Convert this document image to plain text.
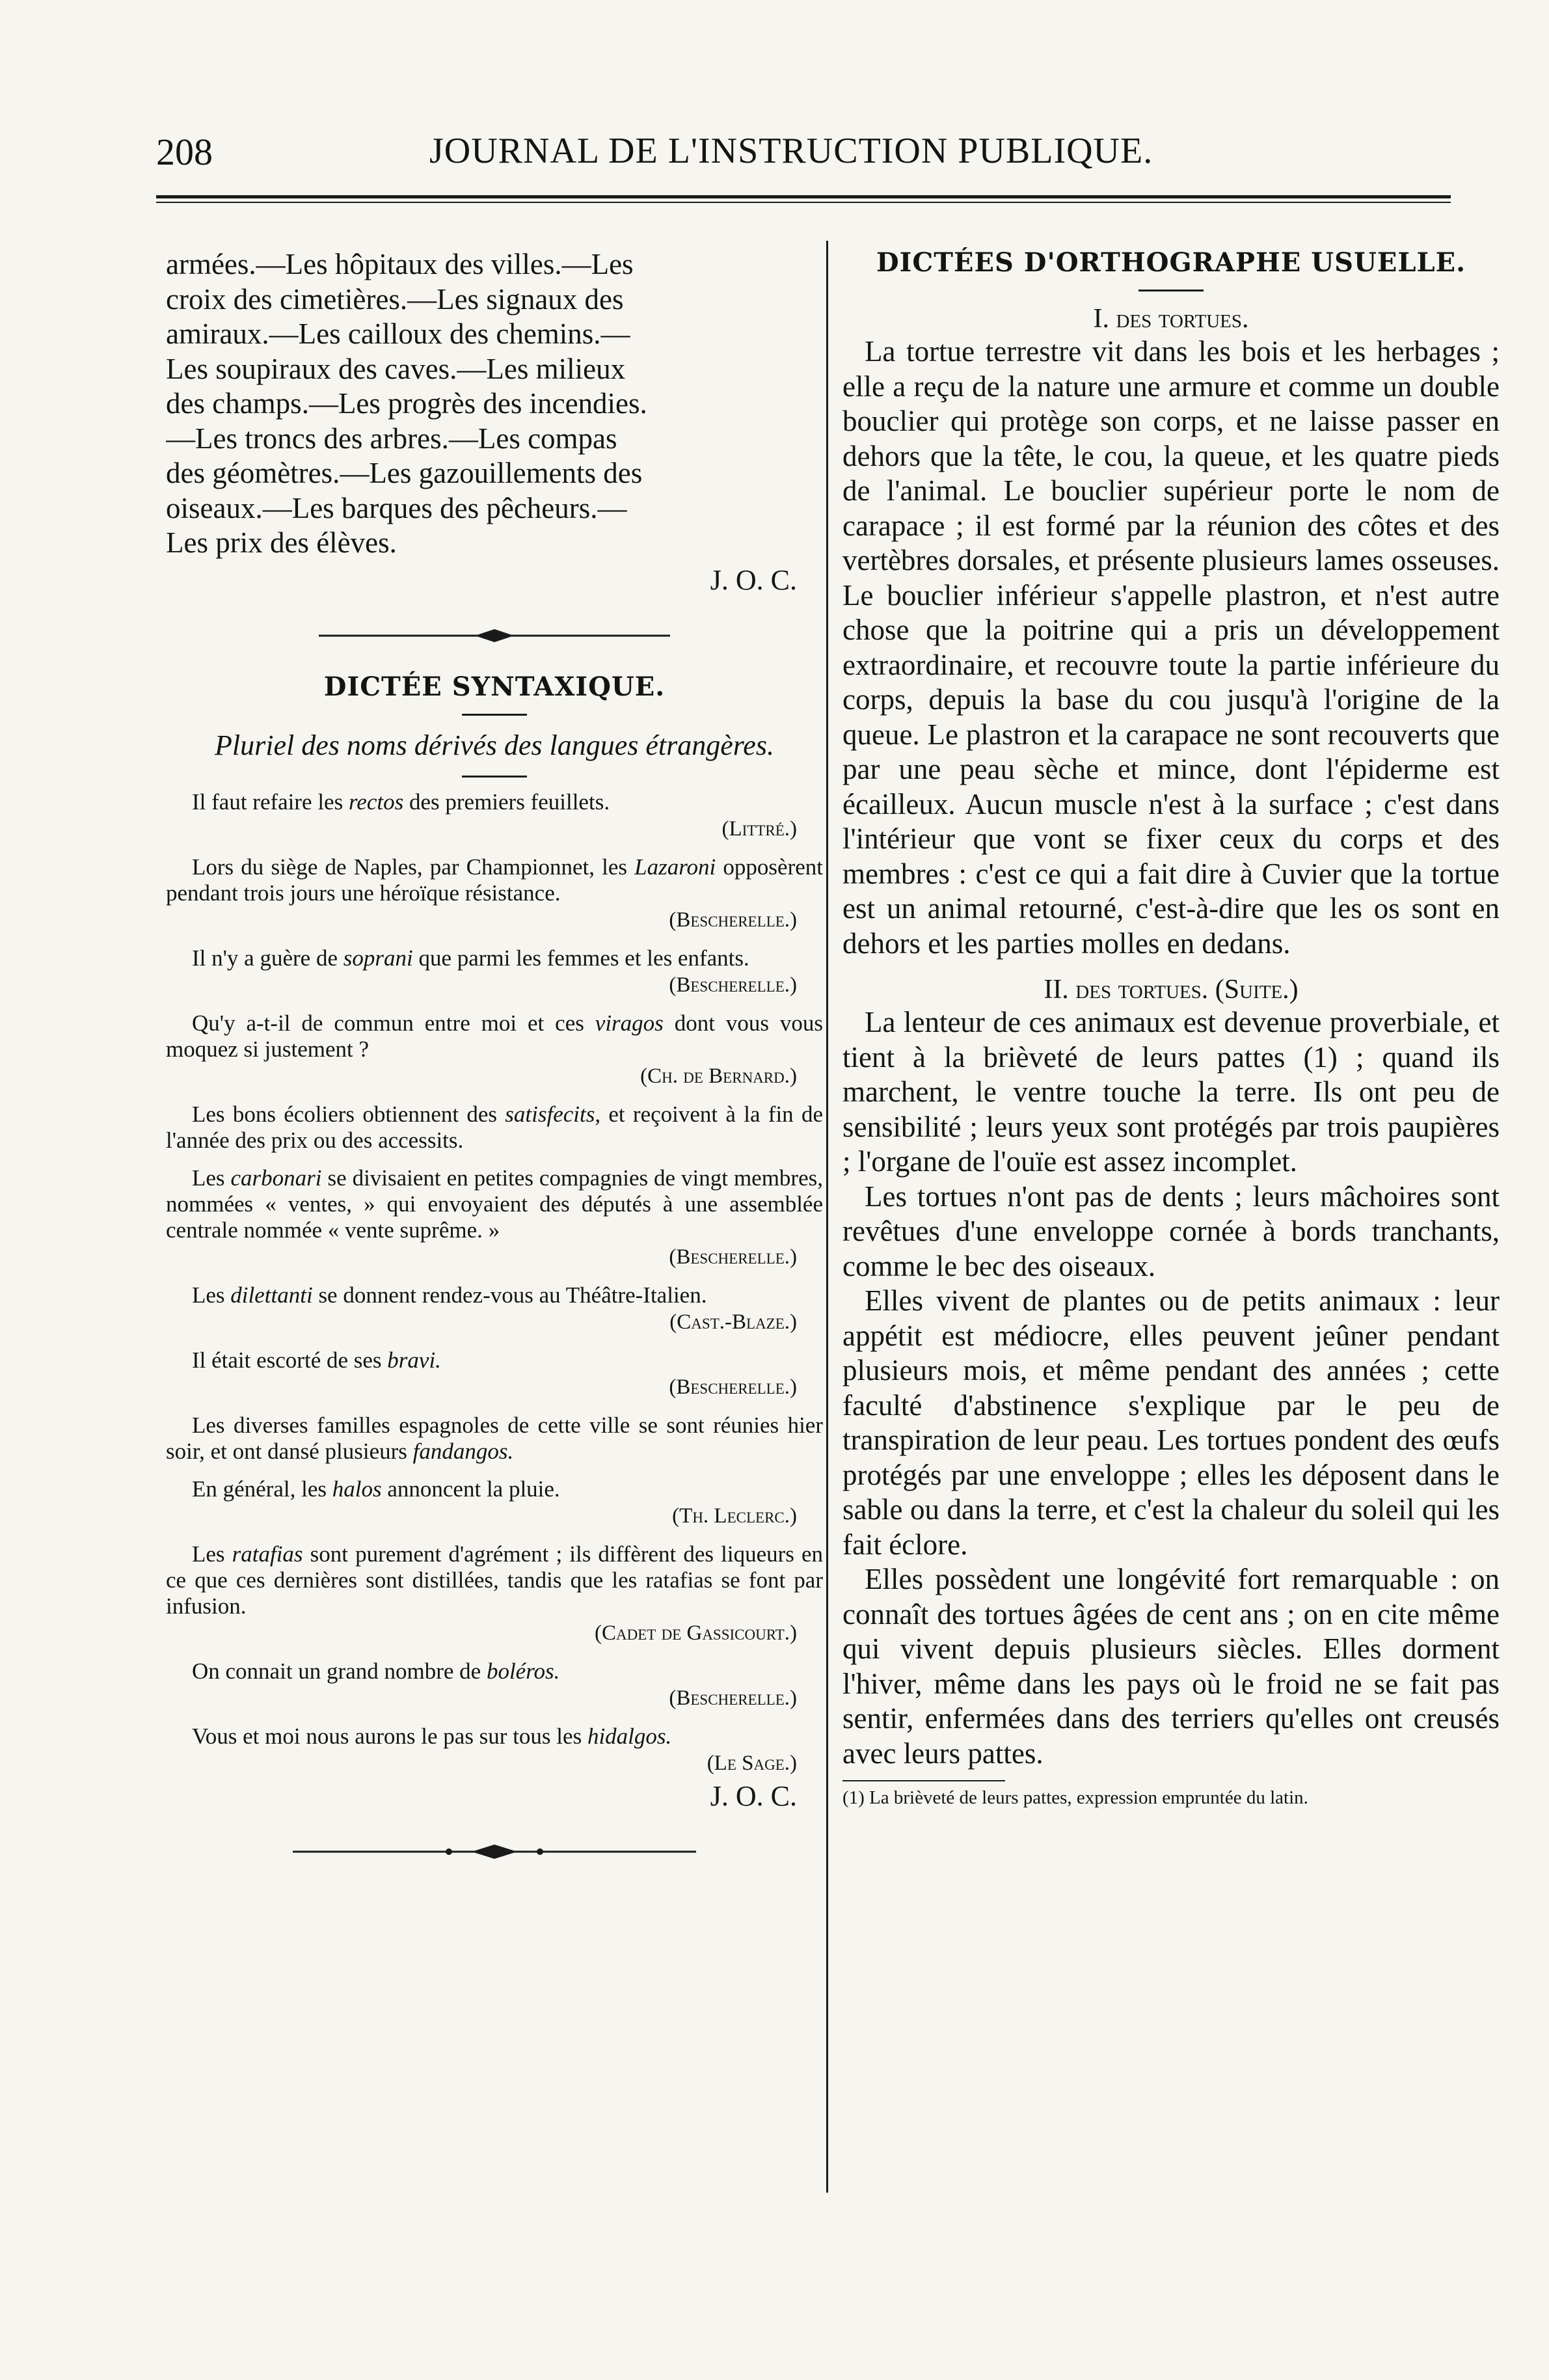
208	JOURNAL DE L'INSTRUCTION PUBLIQUE.

armées.—Les hôpitaux des villes.—Les

croix des cimetières.—Les signaux des

amiraux.—Les cailloux des chemins.—

Les soupiraux des caves.—Les milieux

des champs.—Les progrès des incendies.

—Les troncs des arbres.—Les compas

des géomètres.—Les gazouillements des

oiseaux.—Les barques des pêcheurs.—

Les prix des élèves.

J. O. C.

DICTÉE SYNTAXIQUE.

Pluriel des noms dérivés des langues étrangères.

Il faut refaire les rectos des premiers feuillets.

(Littré.)

Lors du siège de Naples, par Championnet, les Lazaroni opposèrent pendant trois jours une héroïque résistance.

(Bescherelle.)

Il n'y a guère de soprani que parmi les femmes et les enfants.

(Bescherelle.)

Qu'y a-t-il de commun entre moi et ces viragos dont vous vous moquez si justement ?

(Ch. de Bernard.)

Les bons écoliers obtiennent des satisfecits, et reçoivent à la fin de l'année des prix ou des accessits.

Les carbonari se divisaient en petites compagnies de vingt membres, nommées « ventes, » qui envoyaient des députés à une assemblée centrale nommée « vente suprême. »

(Bescherelle.)

Les dilettanti se donnent rendez-vous au Théâtre-Italien.

(Cast.-Blaze.)

Il était escorté de ses bravi.

(Bescherelle.)

Les diverses familles espagnoles de cette ville se sont réunies hier soir, et ont dansé plusieurs fandangos.

En général, les halos annoncent la pluie.

(Th. Leclerc.)

Les ratafias sont purement d'agrément ; ils diffèrent des liqueurs en ce que ces dernières sont distillées, tandis que les ratafias se font par infusion.

(Cadet de Gassicourt.)

On connait un grand nombre de boléros.

(Bescherelle.)

Vous et moi nous aurons le pas sur tous les hidalgos.

(Le Sage.)

J. O. C.

DICTÉES D'ORTHOGRAPHE USUELLE.

I. des tortues.

La tortue terrestre vit dans les bois et les herbages ; elle a reçu de la nature une armure et comme un double bouclier qui protège son corps, et ne laisse passer en dehors que la tête, le cou, la queue, et les quatre pieds de l'animal. Le bouclier supérieur porte le nom de carapace ; il est formé par la réunion des côtes et des vertèbres dorsales, et présente plusieurs lames osseuses. Le bouclier inférieur s'appelle plastron, et n'est autre chose que la poitrine qui a pris un développement extraordinaire, et recouvre toute la partie inférieure du corps, depuis la base du cou jusqu'à l'origine de la queue. Le plastron et la carapace ne sont recouverts que par une peau sèche et mince, dont l'épiderme est écailleux. Aucun muscle n'est à la surface ; c'est dans l'intérieur que vont se fixer ceux du corps et des membres : c'est ce qui a fait dire à Cuvier que la tortue est un animal retourné, c'est-à-dire que les os sont en dehors et les parties molles en dedans.

II. des tortues. (Suite.)

La lenteur de ces animaux est devenue proverbiale, et tient à la brièveté de leurs pattes (1) ; quand ils marchent, le ventre touche la terre. Ils ont peu de sensibilité ; leurs yeux sont protégés par trois paupières ; l'organe de l'ouïe est assez incomplet.

Les tortues n'ont pas de dents ; leurs mâchoires sont revêtues d'une enveloppe cornée à bords tranchants, comme le bec des oiseaux.

Elles vivent de plantes ou de petits animaux : leur appétit est médiocre, elles peuvent jeûner pendant plusieurs mois, et même pendant des années ; cette faculté d'abstinence s'explique par le peu de transpiration de leur peau. Les tortues pondent des œufs protégés par une enveloppe ; elles les déposent dans le sable ou dans la terre, et c'est la chaleur du soleil qui les fait éclore.

Elles possèdent une longévité fort remarquable : on connaît des tortues âgées de cent ans ; on en cite même qui vivent depuis plusieurs siècles. Elles dorment l'hiver, même dans les pays où le froid ne se fait pas sentir, enfermées dans des terriers qu'elles ont creusés avec leurs pattes.

(1) La brièveté de leurs pattes, expression empruntée du latin.
